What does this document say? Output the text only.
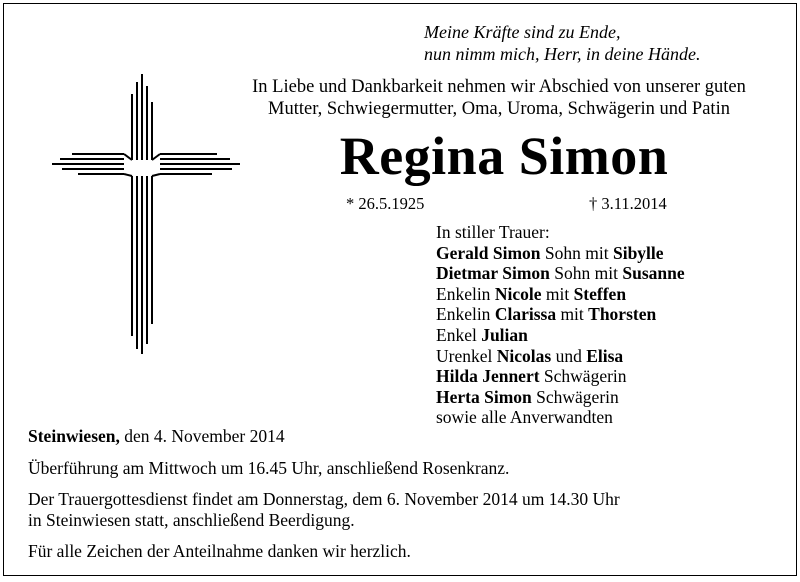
Meine Kräfte sind zu Ende,
nun nimm mich, Herr, in deine Hände.
In Liebe und Dankbarkeit nehmen wir Abschied von unserer guten
Mutter, Schwiegermutter, Oma, Uroma, Schwägerin und Patin
Regina Simon
* 26.5.1925	† 3.11.2014
In stiller Trauer:
Gerald Simon Sohn mit Sibylle
Dietmar Simon Sohn mit Susanne
Enkelin Nicole mit Steffen
Enkelin Clarissa mit Thorsten
Enkel Julian
Urenkel Nicolas und Elisa
Hilda Jennert Schwägerin
Herta Simon Schwägerin
sowie alle Anverwandten

Steinwiesen, den 4. November 2014

Überführung am Mittwoch um 16.45 Uhr, anschließend Rosenkranz.

Der Trauergottesdienst findet am Donnerstag, dem 6. November 2014 um 14.30 Uhr
in Steinwiesen statt, anschließend Beerdigung.

Für alle Zeichen der Anteilnahme danken wir herzlich.
